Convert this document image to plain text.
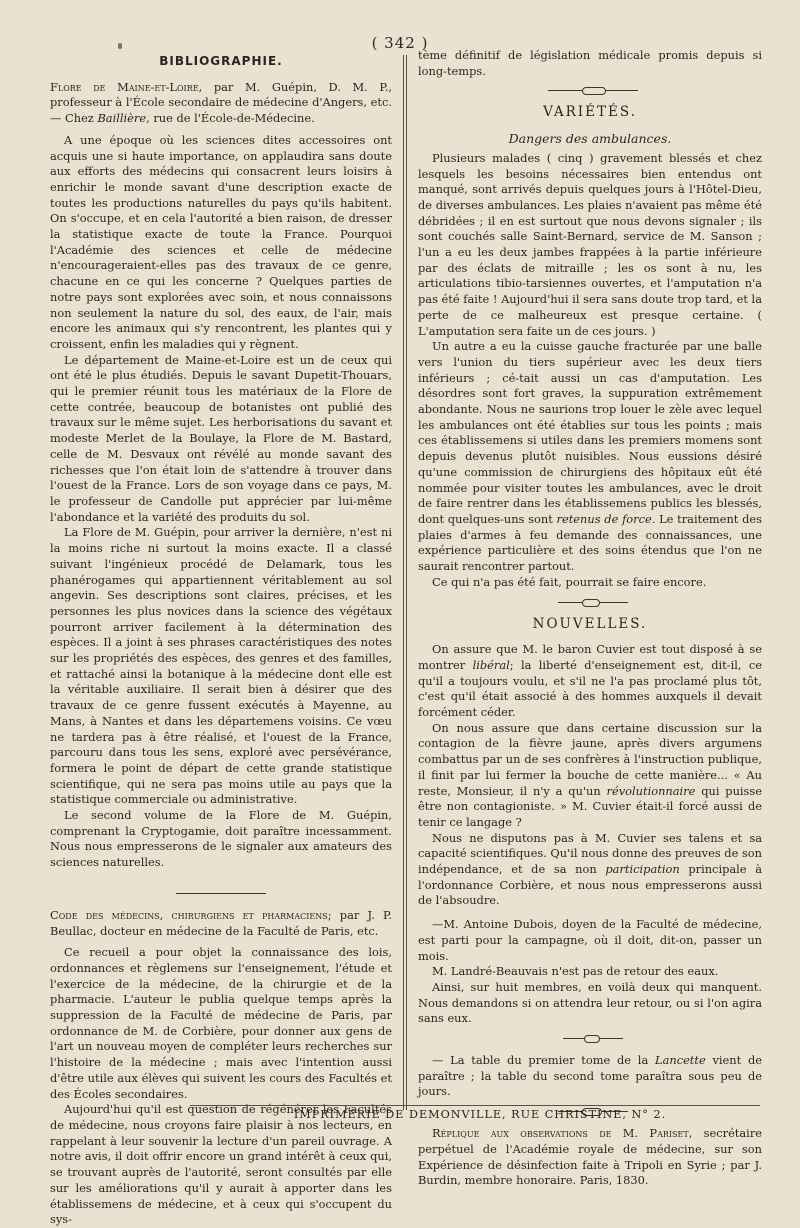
( 342 )
BIBLIOGRAPHIE.

Flore de Maine-et-Loire, par M. Guépin, D. M. P., professeur à l'École secondaire de médecine d'Angers, etc. — Chez Baillière, rue de l'École-de-Médecine.

A une époque où les sciences dites accessoires ont acquis une si haute importance, on applaudira sans doute aux efforts des médecins qui consacrent leurs loisirs à enrichir le monde savant d'une description exacte de toutes les productions naturelles du pays qu'ils habitent. On s'occupe, et en cela l'autorité a bien raison, de dresser la statistique exacte de toute la France. Pourquoi l'Académie des sciences et celle de médecine n'encourageraient-elles pas des travaux de ce genre, chacune en ce qui les concerne ? Quelques parties de notre pays sont explorées avec soin, et nous connaissons non seulement la nature du sol, des eaux, de l'air, mais encore les animaux qui s'y rencontrent, les plantes qui y croissent, enfin les maladies qui y règnent.

Le département de Maine-et-Loire est un de ceux qui ont été le plus étudiés. Depuis le savant Dupetit-Thouars, qui le premier réunit tous les matériaux de la Flore de cette contrée, beaucoup de botanistes ont publié des travaux sur le même sujet. Les herborisations du savant et modeste Merlet de la Boulaye, la Flore de M. Bastard, celle de M. Desvaux ont révélé au monde savant des richesses que l'on était loin de s'attendre à trouver dans l'ouest de la France. Lors de son voyage dans ce pays, M. le professeur de Candolle put apprécier par lui-même l'abondance et la variété des produits du sol.

La Flore de M. Guépin, pour arriver la dernière, n'est ni la moins riche ni surtout la moins exacte. Il a classé suivant l'ingénieux procédé de Delamark, tous les phanérogames qui appartiennent véritablement au sol angevin. Ses descriptions sont claires, précises, et les personnes les plus novices dans la science des végétaux pourront arriver facilement à la détermination des espèces. Il a joint à ses phrases caractéristiques des notes sur les propriétés des espèces, des genres et des familles, et rattaché ainsi la botanique à la médecine dont elle est la véritable auxiliaire. Il serait bien à désirer que des travaux de ce genre fussent exécutés à Mayenne, au Mans, à Nantes et dans les départemens voisins. Ce vœu ne tardera pas à être réalisé, et l'ouest de la France, parcouru dans tous les sens, exploré avec persévérance, formera le point de départ de cette grande statistique scientifique, qui ne sera pas moins utile au pays que la statistique commerciale ou administrative.

Le second volume de la Flore de M. Guépin, comprenant la Cryptogamie, doit paraître incessamment. Nous nous empresserons de le signaler aux amateurs des sciences naturelles.

Code des médecins, chirurgiens et pharmaciens; par J. P. Beullac, docteur en médecine de la Faculté de Paris, etc.

Ce recueil a pour objet la connaissance des lois, ordonnances et règlemens sur l'enseignement, l'étude et l'exercice de la médecine, de la chirurgie et de la pharmacie. L'auteur le publia quelque temps après la suppression de la Faculté de médecine de Paris, par ordonnance de M. de Corbière, pour donner aux gens de l'art un nouveau moyen de compléter leurs recherches sur l'histoire de la médecine ; mais avec l'intention aussi d'être utile aux élèves qui suivent les cours des Facultés et des Écoles secondaires.

Aujourd'hui qu'il est question de régénérer les Facultés de médecine, nous croyons faire plaisir à nos lecteurs, en rappelant à leur souvenir la lecture d'un pareil ouvrage. A notre avis, il doit offrir encore un grand intérêt à ceux qui, se trouvant auprès de l'autorité, seront consultés par elle sur les améliorations qu'il y aurait à apporter dans les établissemens de médecine, et à ceux qui s'occupent du sys-

tème définitif de législation médicale promis depuis si long-temps.

VARIÉTÉS.
Dangers des ambulances.

Plusieurs malades ( cinq ) gravement blessés et chez lesquels les besoins nécessaires bien entendus ont manqué, sont arrivés depuis quelques jours à l'Hôtel-Dieu, de diverses ambulances. Les plaies n'avaient pas même été débridées ; il en est surtout que nous devons signaler ; ils sont couchés salle Saint-Bernard, service de M. Sanson ; l'un a eu les deux jambes frappées à la partie inférieure par des éclats de mitraille ; les os sont à nu, les articulations tibio-tarsiennes ouvertes, et l'amputation n'a pas été faite ! Aujourd'hui il sera sans doute trop tard, et la perte de ce malheureux est presque certaine. ( L'amputation sera faite un de ces jours. )

Un autre a eu la cuisse gauche fracturée par une balle vers l'union du tiers supérieur avec les deux tiers inférieurs ; cé-tait aussi un cas d'amputation. Les désordres sont fort graves, la suppuration extrêmement abondante. Nous ne saurions trop louer le zèle avec lequel les ambulances ont été établies sur tous les points ; mais ces établissemens si utiles dans les premiers momens sont depuis devenus plutôt nuisibles. Nous eussions désiré qu'une commission de chirurgiens des hôpitaux eût été nommée pour visiter toutes les ambulances, avec le droit de faire rentrer dans les établissemens publics les blessés, dont quelques-uns sont retenus de force. Le traitement des plaies d'armes à feu demande des connaissances, une expérience particulière et des soins étendus que l'on ne saurait rencontrer partout.

Ce qui n'a pas été fait, pourrait se faire encore.

NOUVELLES.

On assure que M. le baron Cuvier est tout disposé à se montrer libéral; la liberté d'enseignement est, dit-il, ce qu'il a toujours voulu, et s'il ne l'a pas proclamé plus tôt, c'est qu'il était associé à des hommes auxquels il devait forcément céder.

On nous assure que dans certaine discussion sur la contagion de la fièvre jaune, après divers argumens combattus par un de ses confrères à l'instruction publique, il finit par lui fermer la bouche de cette manière... « Au reste, Monsieur, il n'y a qu'un révolutionnaire qui puisse être non contagioniste. » M. Cuvier était-il forcé aussi de tenir ce langage ?

Nous ne disputons pas à M. Cuvier ses talens et sa capacité scientifiques. Qu'il nous donne des preuves de son indépendance, et de sa non participation principale à l'ordonnance Corbière, et nous nous empresserons aussi de l'absoudre.

—M. Antoine Dubois, doyen de la Faculté de médecine, est parti pour la campagne, où il doit, dit-on, passer un mois.

M. Landré-Beauvais n'est pas de retour des eaux.

Ainsi, sur huit membres, en voilà deux qui manquent. Nous demandons si on attendra leur retour, ou si l'on agira sans eux.

— La table du premier tome de la Lancette vient de paraître ; la table du second tome paraîtra sous peu de jours.

Réplique aux observations de M. Pariset, secrétaire perpétuel de l'Académie royale de médecine, sur son Expérience de désinfection faite à Tripoli en Syrie ; par J. Burdin, membre honoraire. Paris, 1830.

IMPRIMERIE DE DEMONVILLE, RUE CHRISTINE, N° 2.
